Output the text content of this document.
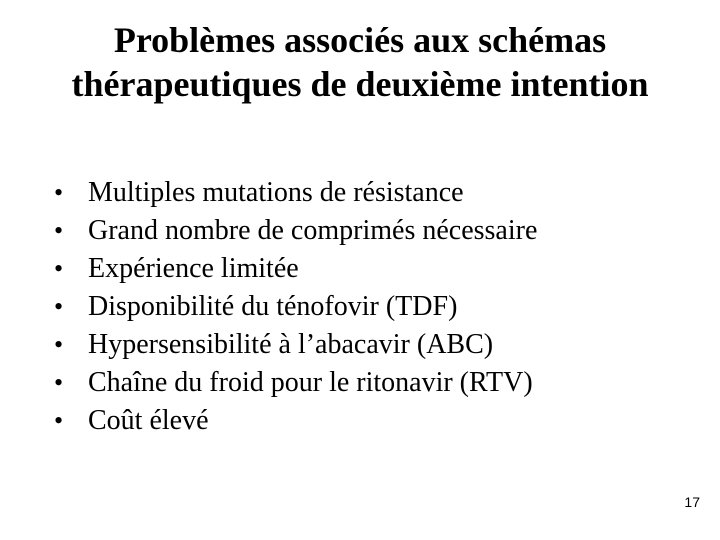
Problèmes associés aux schémas
thérapeutiques de deuxième intention
• Multiples mutations de résistance
• Grand nombre de comprimés nécessaire
• Expérience limitée
• Disponibilité du ténofovir (TDF)
• Hypersensibilité à l’abacavir (ABC)
• Chaîne du froid pour le ritonavir (RTV)
• Coût élevé
17
